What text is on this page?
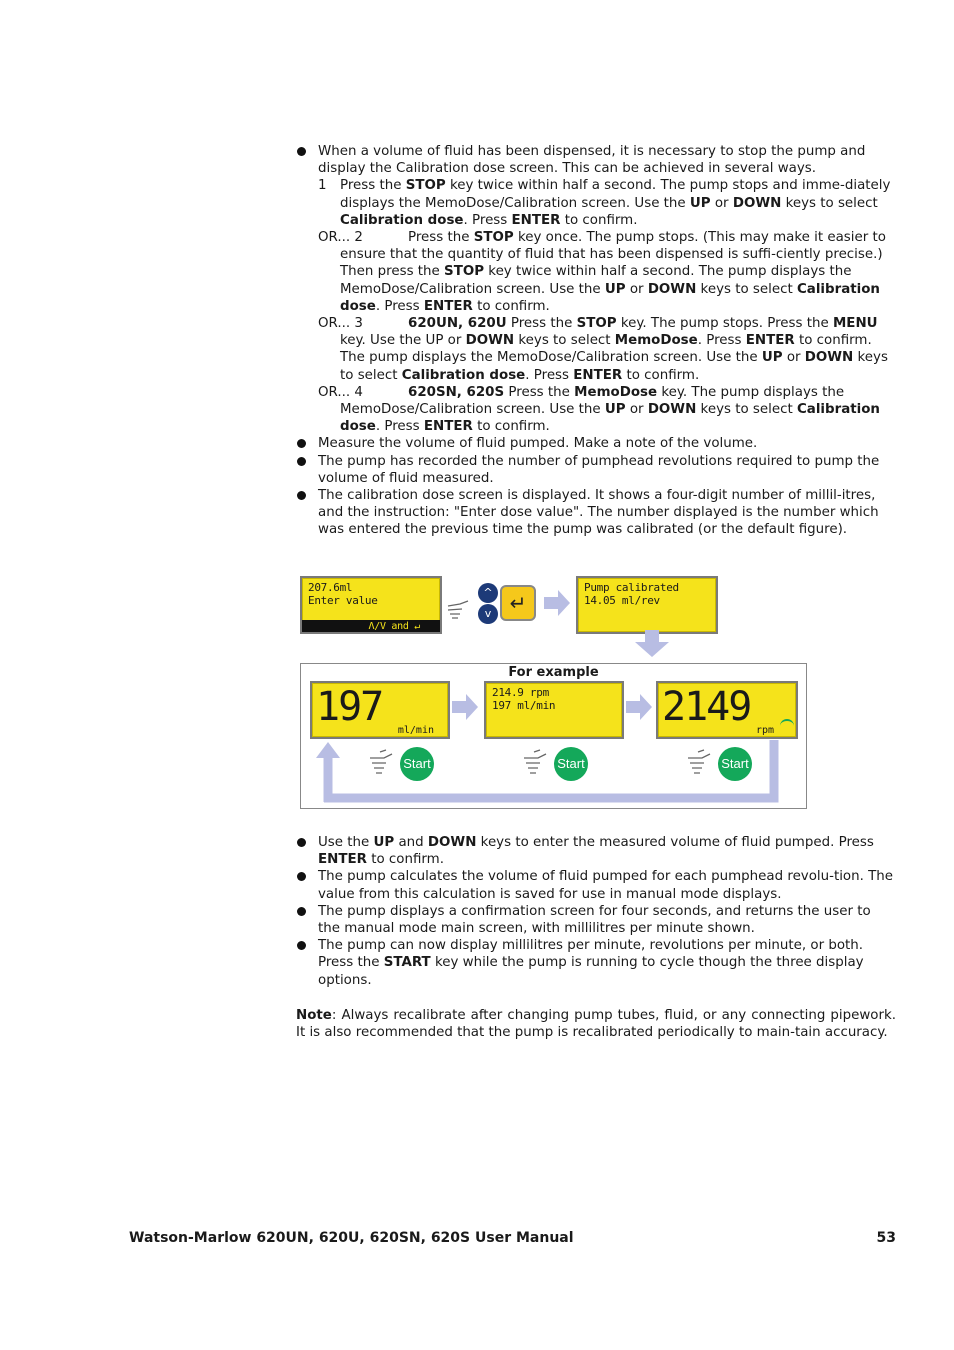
When a volume of fluid has been dispensed, it is necessary to stop the pump and display the Calibration dose screen. This can be achieved in several ways.
1 Press the STOP key twice within half a second. The pump stops and imme-diately displays the MemoDose/Calibration screen. Use the UP or DOWN keys to select Calibration dose. Press ENTER to confirm.
OR... 2	Press the STOP key once. The pump stops. (This may make it easier to ensure that the quantity of fluid that has been dispensed is suffi-ciently precise.) Then press the STOP key twice within half a second. The pump displays the MemoDose/Calibration screen. Use the UP or DOWN keys to select Calibration dose. Press ENTER to confirm.
OR... 3	620UN, 620U Press the STOP key. The pump stops. Press the MENU key. Use the UP or DOWN keys to select MemoDose. Press ENTER to confirm. The pump displays the MemoDose/Calibration screen. Use the UP or DOWN keys to select Calibration dose. Press ENTER to confirm.
OR... 4	620SN, 620S Press the MemoDose key. The pump displays the MemoDose/Calibration screen. Use the UP or DOWN keys to select Calibration dose. Press ENTER to confirm.
Measure the volume of fluid pumped. Make a note of the volume.
The pump has recorded the number of pumphead revolutions required to pump the volume of fluid measured.
The calibration dose screen is displayed. It shows a four-digit number of millil-itres, and the instruction: "Enter dose value". The number displayed is the number which was entered the previous time the pump was calibrated (or the default figure).
207.6ml
Enter value
Λ/V and ↵
^
v ↵
Pump calibrated
14.05 ml/rev
For example
197
ml/min
214.9 rpm
197 ml/min	2149
rpm
Start	Start	Start
Use the UP and DOWN keys to enter the measured volume of fluid pumped. Press ENTER to confirm.
The pump calculates the volume of fluid pumped for each pumphead revolu-tion. The value from this calculation is saved for use in manual mode displays.
The pump displays a confirmation screen for four seconds, and returns the user to the manual mode main screen, with millilitres per minute shown.
The pump can now display millilitres per minute, revolutions per minute, or both. Press the START key while the pump is running to cycle though the three display options.
Note: Always recalibrate after changing pump tubes, fluid, or any connecting pipework. It is also recommended that the pump is recalibrated periodically to main-tain accuracy.
Watson-Marlow 620UN, 620U, 620SN, 620S User Manual	53
